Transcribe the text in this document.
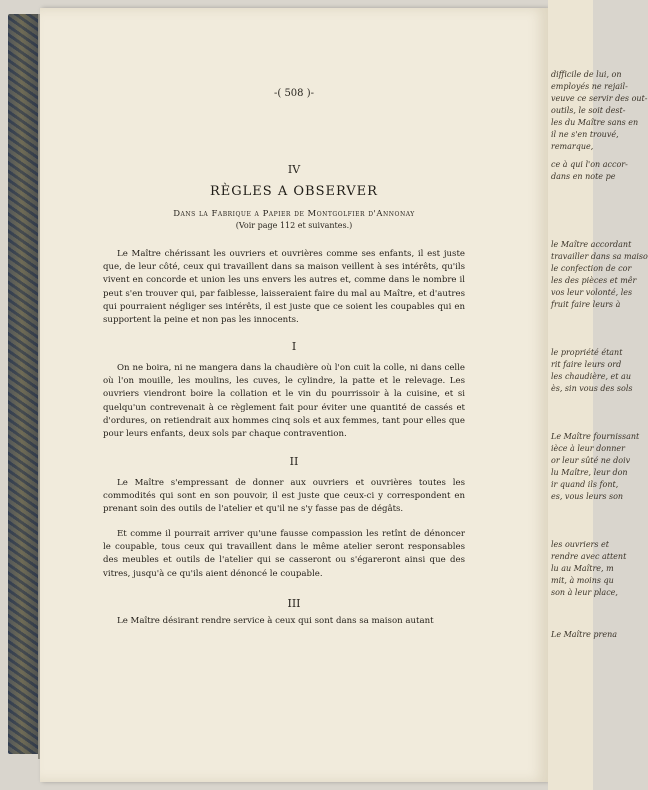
-( 508 )-
IV
RÈGLES A OBSERVER
Dans la Fabrique a Papier de Montgolfier d'Annonay
(Voir page 112 et suivantes.)
Le Maître chérissant les ouvriers et ouvrières comme ses enfants, il est juste que, de leur côté, ceux qui travaillent dans sa maison veillent à ses intérêts, qu'ils vivent en concorde et union les uns envers les autres et, comme dans le nombre il peut s'en trouver qui, par faiblesse, laisseraient faire du mal au Maître, et d'autres qui pourraient négliger ses intérêts, il est juste que ce soient les coupables qui en supportent la peine et non pas les innocents.
I
On ne boira, ni ne mangera dans la chaudière où l'on cuit la colle, ni dans celle où l'on mouille, les moulins, les cuves, le cylindre, la patte et le relevage. Les ouvriers viendront boire la collation et le vin du pourrissoir à la cuisine, et si quelqu'un contrevenait à ce règlement fait pour éviter une quantité de cassés et d'ordures, on retiendrait aux hommes cinq sols et aux femmes, tant pour elles que pour leurs enfants, deux sols par chaque contravention.
II
Le Maître s'empressant de donner aux ouvriers et ouvrières toutes les commodités qui sont en son pouvoir, il est juste que ceux-ci y correspondent en prenant soin des outils de l'atelier et qu'il ne s'y fasse pas de dégâts.
Et comme il pourrait arriver qu'une fausse compassion les retînt de dénoncer le coupable, tous ceux qui travaillent dans le même atelier seront responsables des meubles et outils de l'atelier qui se casseront ou s'égareront ainsi que des vitres, jusqu'à ce qu'ils aient dénoncé le coupable.
III
Le Maître désirant rendre service à ceux qui sont dans sa maison autant
difficile de lui, on
employés ne rejail-
veuve ce servir des out-
outils, le soit dest-
les du Maître sans en
il ne s'en trouvé,
remarque,
ce à qui l'on accor-
dans en note pe
le Maître accordant
travailler dans sa maiso
le confection de cor
les des pièces et mêr
vos leur volonté, les
fruit faire leurs à
le propriété étant
rit faire leurs ord
les chaudière, et au
ès, sin vous des sols
Le Maître fournissant
ièce à leur donner
or leur sûté ne doiv
lu Maître, leur don
ir quand ils font,
es, vous leurs son
les ouvriers et
rendre avec attent
lu au Maître, m
mit, à moins qu
son à leur place,
Le Maître prena
